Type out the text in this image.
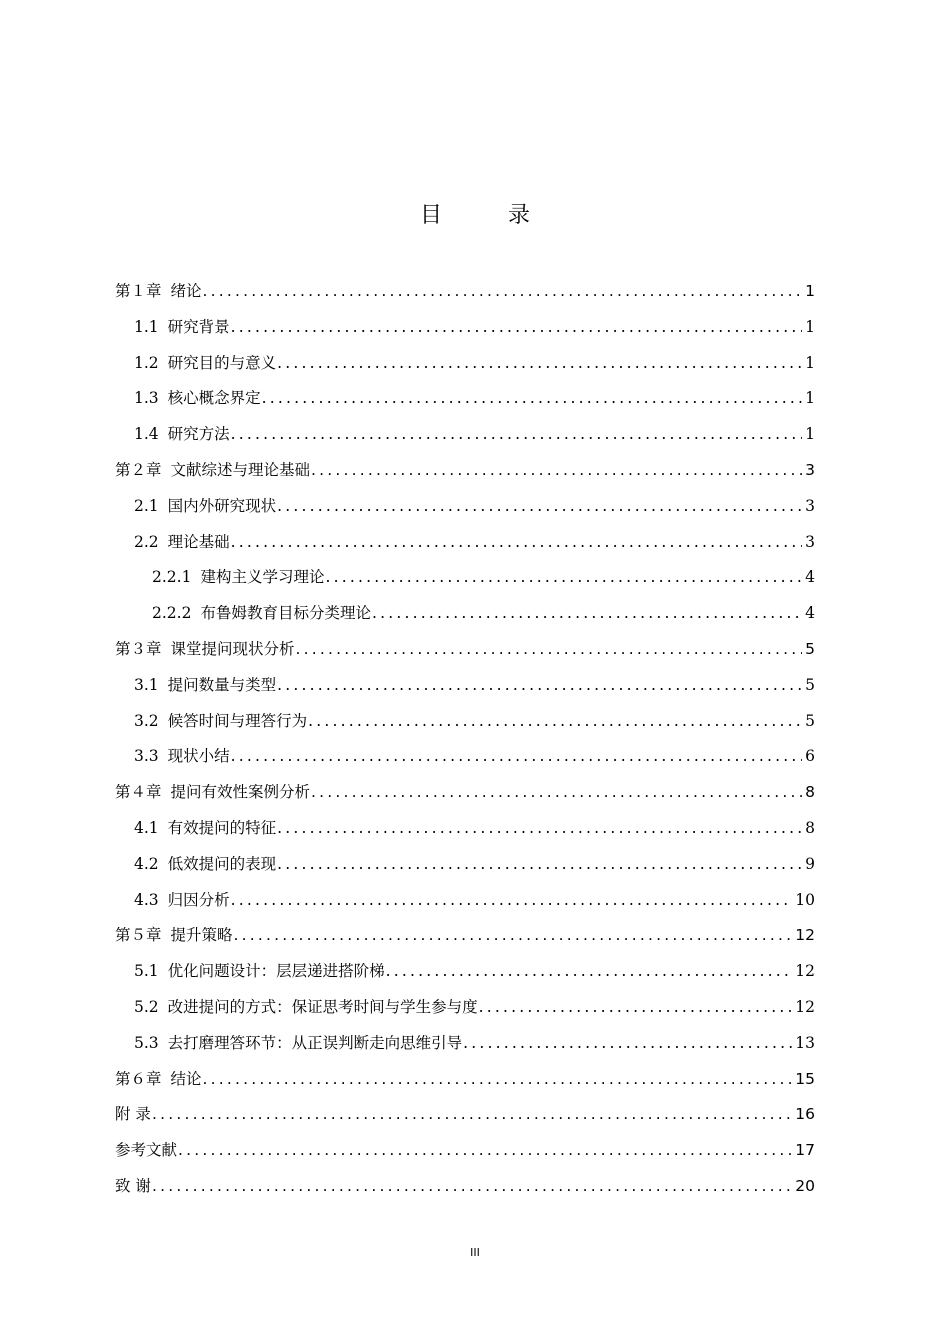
目　录
第１章 绪论 .....	1
1.1 研究背景 .....	1
1.2 研究目的与意义 .....	1
1.3 核心概念界定 .....	1
1.4 研究方法 .....	1
第２章 文献综述与理论基础 .....	3
2.1 国内外研究现状 .....	3
2.2 理论基础 .....	3
2.2.1 建构主义学习理论 .....	4
2.2.2 布鲁姆教育目标分类理论 .....	4
第３章 课堂提问现状分析 .....	5
3.1 提问数量与类型 .....	5
3.2 候答时间与理答行为 .....	5
3.3 现状小结 .....	6
第４章 提问有效性案例分析 .....	8
4.1 有效提问的特征 .....	8
4.2 低效提问的表现 .....	9
4.3 归因分析 .....	10
第５章 提升策略 .....	12
5.1 优化问题设计：层层递进搭阶梯 .....	12
5.2 改进提问的方式：保证思考时间与学生参与度 .....	12
5.3 去打磨理答环节：从正误判断走向思维引导 .....	13
第６章 结论 .....	15
附 录 .....	16
参考文献 .....	17
致 谢 .....	20
III
